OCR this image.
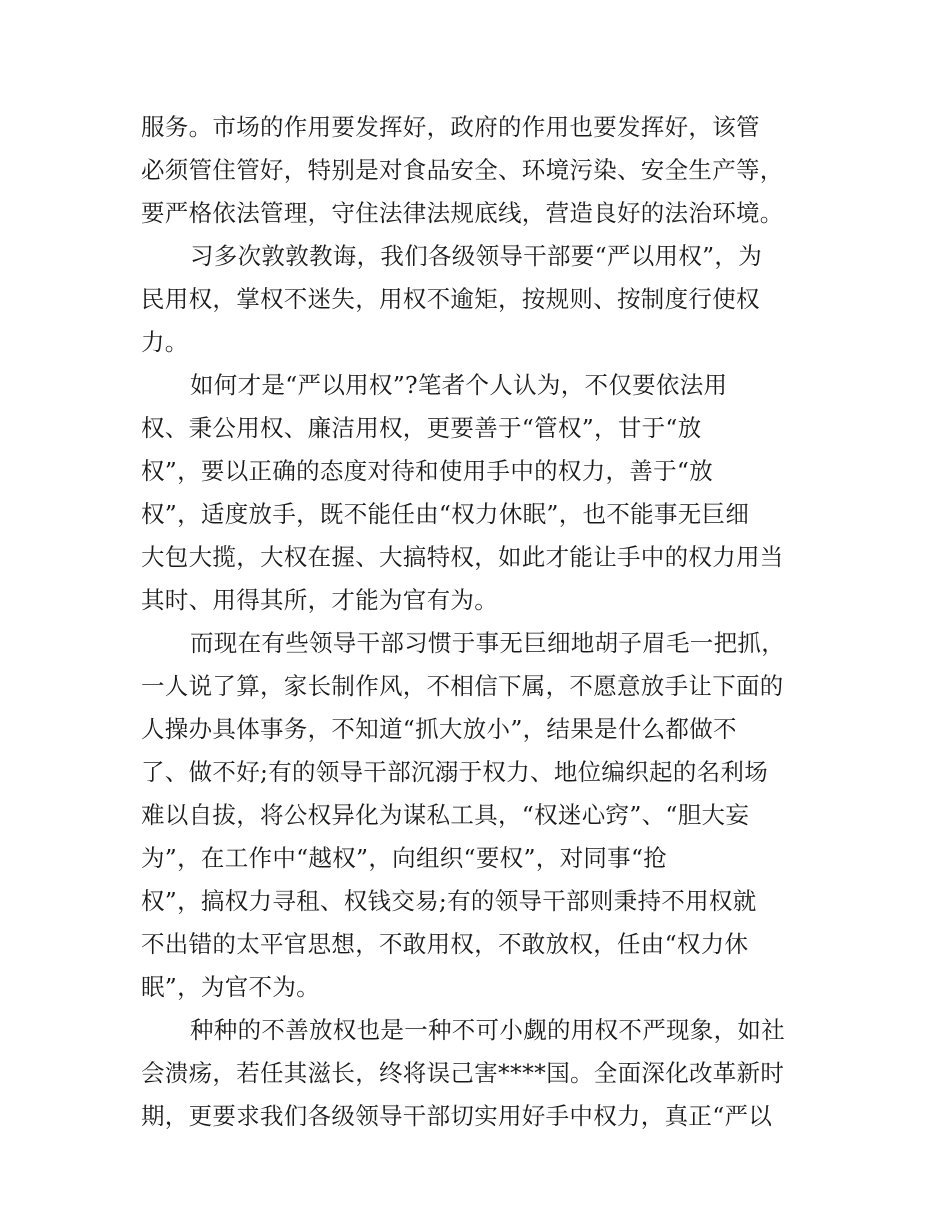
服务。市场的作用要发挥好，政府的作用也要发挥好，该管
必须管住管好，特别是对食品安全、环境污染、安全生产等，
要严格依法管理，守住法律法规底线，营造良好的法治环境。
习多次敦敦教诲，我们各级领导干部要“严以用权”，为
民用权，掌权不迷失，用权不逾矩，按规则、按制度行使权
力。
如何才是“严以用权”?笔者个人认为，不仅要依法用
权、秉公用权、廉洁用权，更要善于“管权”，甘于“放
权”，要以正确的态度对待和使用手中的权力，善于“放
权”，适度放手，既不能任由“权力休眠”，也不能事无巨细
大包大揽，大权在握、大搞特权，如此才能让手中的权力用当
其时、用得其所，才能为官有为。
而现在有些领导干部习惯于事无巨细地胡子眉毛一把抓，
一人说了算，家长制作风，不相信下属，不愿意放手让下面的
人操办具体事务，不知道“抓大放小”，结果是什么都做不
了、做不好;有的领导干部沉溺于权力、地位编织起的名利场
难以自拔，将公权异化为谋私工具，“权迷心窍”、“胆大妄
为”，在工作中“越权”，向组织“要权”，对同事“抢
权”，搞权力寻租、权钱交易;有的领导干部则秉持不用权就
不出错的太平官思想，不敢用权，不敢放权，任由“权力休
眠”，为官不为。
种种的不善放权也是一种不可小觑的用权不严现象，如社
会溃疡，若任其滋长，终将误己害****国。全面深化改革新时
期，更要求我们各级领导干部切实用好手中权力，真正“严以
